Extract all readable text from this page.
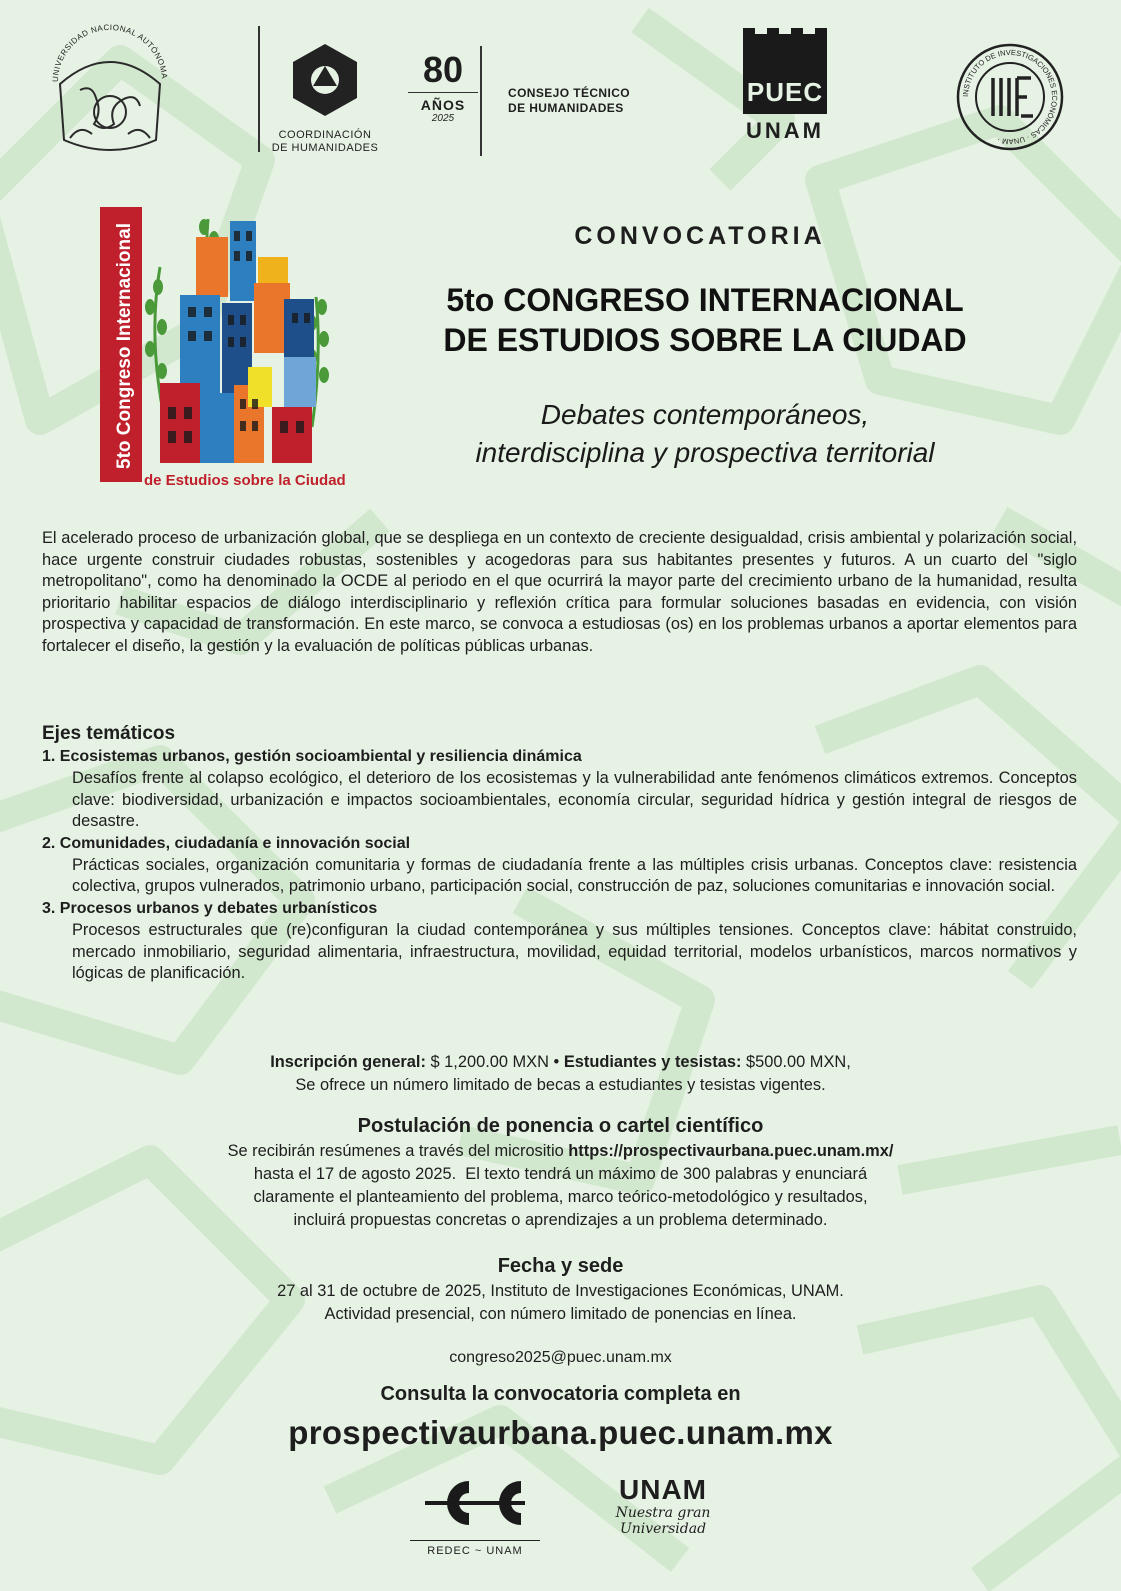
UNIVERSIDAD NACIONAL AUTÓNOMA
COORDINACIÓN
DE HUMANIDADES
80
AÑOS
2025
CONSEJO TÉCNICO
DE HUMANIDADES
PUEC
UNAM
INSTITUTO DE INVESTIGACIONES ECONÓMICAS · UNAM ·
5to Congreso Internacional
de Estudios sobre la Ciudad
CONVOCATORIA
5to CONGRESO INTERNACIONAL
DE ESTUDIOS SOBRE LA CIUDAD
Debates contemporáneos,
interdisciplina y prospectiva territorial

El acelerado proceso de urbanización global, que se despliega en un contexto de creciente desigualdad, crisis ambiental y polarización social, hace urgente construir ciudades robustas, sostenibles y acogedoras para sus habitantes presentes y futuros. A un cuarto del "siglo metropolitano", como ha denominado la OCDE al periodo en el que ocurrirá la mayor parte del crecimiento urbano de la humanidad, resulta prioritario habilitar espacios de diálogo interdisciplinario y reflexión crítica para formular soluciones basadas en evidencia, con visión prospectiva y capacidad de transformación. En este marco, se convoca a estudiosas (os) en los problemas urbanos a aportar elementos para fortalecer el diseño, la gestión y la evaluación de políticas públicas urbanas.

Ejes temáticos

1. Ecosistemas urbanos, gestión socioambiental y resiliencia dinámica

Desafíos frente al colapso ecológico, el deterioro de los ecosistemas y la vulnerabilidad ante fenómenos climáticos extremos. Conceptos clave: biodiversidad, urbanización e impactos socioambientales, economía circular, seguridad hídrica y gestión integral de riesgos de desastre.

2. Comunidades, ciudadanía e innovación social

Prácticas sociales, organización comunitaria y formas de ciudadanía frente a las múltiples crisis urbanas. Conceptos clave: resistencia colectiva, grupos vulnerados, patrimonio urbano, participación social, construcción de paz, soluciones comunitarias e innovación social.

3. Procesos urbanos y debates urbanísticos

Procesos estructurales que (re)configuran la ciudad contemporánea y sus múltiples tensiones. Conceptos clave: hábitat construido, mercado inmobiliario, seguridad alimentaria, infraestructura, movilidad, equidad territorial, modelos urbanísticos, marcos normativos y lógicas de planificación.

Inscripción general: $ 1,200.00 MXN • Estudiantes y tesistas: $500.00 MXN,
Se ofrece un número limitado de becas a estudiantes y tesistas vigentes.
Postulación de ponencia o cartel científico
Se recibirán resúmenes a través del micrositio https://prospectivaurbana.puec.unam.mx/
hasta el 17 de agosto 2025.  El texto tendrá un máximo de 300 palabras y enunciará
claramente el planteamiento del problema, marco teórico-metodológico y resultados,
incluirá propuestas concretas o aprendizajes a un problema determinado.
Fecha y sede
27 al 31 de octubre de 2025, Instituto de Investigaciones Económicas, UNAM.
Actividad presencial, con número limitado de ponencias en línea.
congreso2025@puec.unam.mx
Consulta la convocatoria completa en
prospectivaurbana.puec.unam.mx
REDEC ~ UNAM
UNAM
Nuestra gran
Universidad
